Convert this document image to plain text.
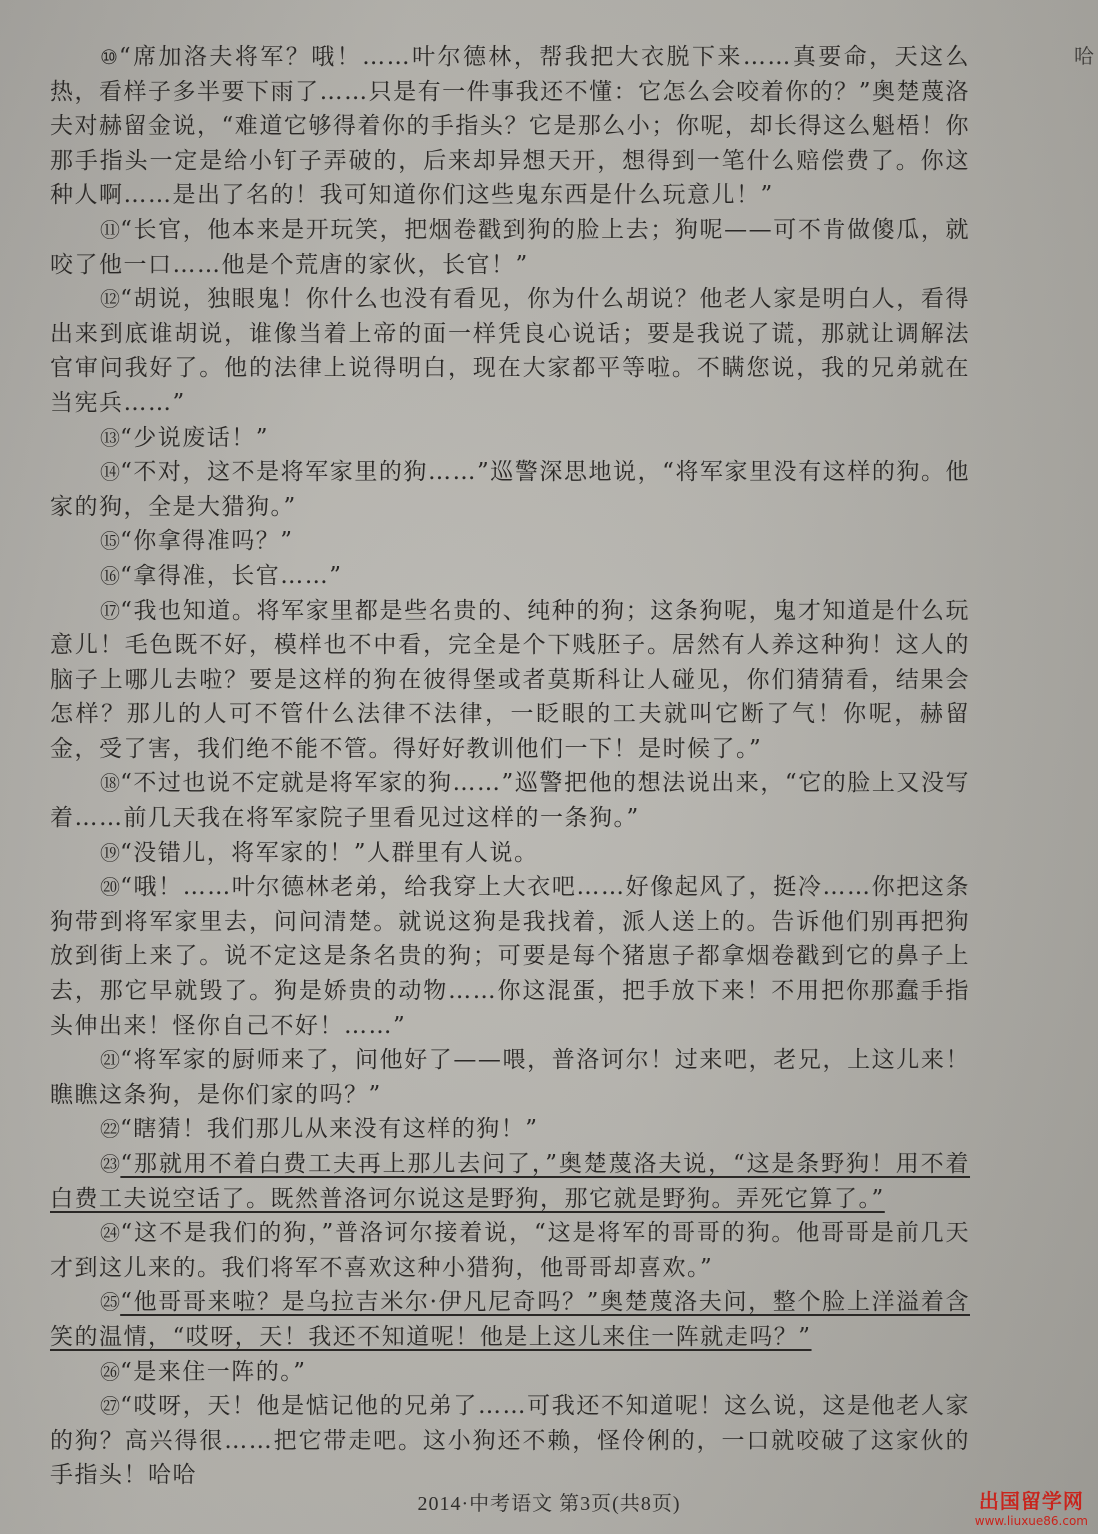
哈

⑩“席加洛夫将军？哦！……叶尔德林，帮我把大衣脱下来……真要命，天这么热，看样子多半要下雨了……只是有一件事我还不懂：它怎么会咬着你的？”奥楚蔑洛夫对赫留金说，“难道它够得着你的手指头？它是那么小；你呢，却长得这么魁梧！你那手指头一定是给小钉子弄破的，后来却异想天开，想得到一笔什么赔偿费了。你这种人啊……是出了名的！我可知道你们这些鬼东西是什么玩意儿！”

⑪“长官，他本来是开玩笑，把烟卷戳到狗的脸上去；狗呢——可不肯做傻瓜，就咬了他一口……他是个荒唐的家伙，长官！”

⑫“胡说，独眼鬼！你什么也没有看见，你为什么胡说？他老人家是明白人，看得出来到底谁胡说，谁像当着上帝的面一样凭良心说话；要是我说了谎，那就让调解法官审问我好了。他的法律上说得明白，现在大家都平等啦。不瞒您说，我的兄弟就在当宪兵……”

⑬“少说废话！”

⑭“不对，这不是将军家里的狗……”巡警深思地说，“将军家里没有这样的狗。他家的狗，全是大猎狗。”

⑮“你拿得准吗？”

⑯“拿得准，长官……”

⑰“我也知道。将军家里都是些名贵的、纯种的狗；这条狗呢，鬼才知道是什么玩意儿！毛色既不好，模样也不中看，完全是个下贱胚子。居然有人养这种狗！这人的脑子上哪儿去啦？要是这样的狗在彼得堡或者莫斯科让人碰见，你们猜猜看，结果会怎样？那儿的人可不管什么法律不法律，一眨眼的工夫就叫它断了气！你呢，赫留金，受了害，我们绝不能不管。得好好教训他们一下！是时候了。”

⑱“不过也说不定就是将军家的狗……”巡警把他的想法说出来，“它的脸上又没写着……前几天我在将军家院子里看见过这样的一条狗。”

⑲“没错儿，将军家的！”人群里有人说。

⑳“哦！……叶尔德林老弟，给我穿上大衣吧……好像起风了，挺冷……你把这条狗带到将军家里去，问问清楚。就说这狗是我找着，派人送上的。告诉他们别再把狗放到街上来了。说不定这是条名贵的狗；可要是每个猪崽子都拿烟卷戳到它的鼻子上去，那它早就毁了。狗是娇贵的动物……你这混蛋，把手放下来！不用把你那蠢手指头伸出来！怪你自己不好！……”

㉑“将军家的厨师来了，问他好了——喂，普洛诃尔！过来吧，老兄，上这儿来！瞧瞧这条狗，是你们家的吗？”

㉒“瞎猜！我们那儿从来没有这样的狗！”

㉓“那就用不着白费工夫再上那儿去问了，”奥楚蔑洛夫说，“这是条野狗！用不着白费工夫说空话了。既然普洛诃尔说这是野狗，那它就是野狗。弄死它算了。”

㉔“这不是我们的狗，”普洛诃尔接着说，“这是将军的哥哥的狗。他哥哥是前几天才到这儿来的。我们将军不喜欢这种小猎狗，他哥哥却喜欢。”

㉕“他哥哥来啦？是乌拉吉米尔·伊凡尼奇吗？”奥楚蔑洛夫问，整个脸上洋溢着含笑的温情，“哎呀，天！我还不知道呢！他是上这儿来住一阵就走吗？”

㉖“是来住一阵的。”

㉗“哎呀，天！他是惦记他的兄弟了……可我还不知道呢！这么说，这是他老人家的狗？高兴得很……把它带走吧。这小狗还不赖，怪伶俐的，一口就咬破了这家伙的手指头！哈哈

2014·中考语文 第3页(共8页)	出国留学网
www.liuxue86.com
